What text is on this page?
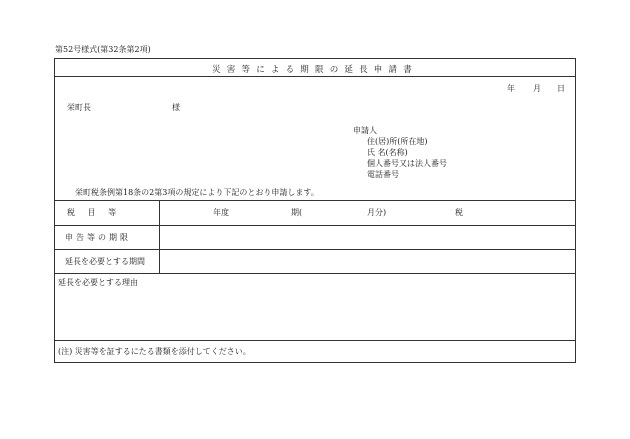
第52号様式(第32条第2項)
災害等による期限の延長申請書
年 月 日
栄町長	様
申請人
住(居)所(所在地)
氏 名(名称)
個人番号又は法人番号
電話番号
栄町税条例第18条の2第3項の規定により下記のとおり申請します。
税 目 等	年度	期(	月分)	税
申告等の期限
延長を必要とする期間
延長を必要とする理由
(注) 災害等を証するにたる書類を添付してください。
